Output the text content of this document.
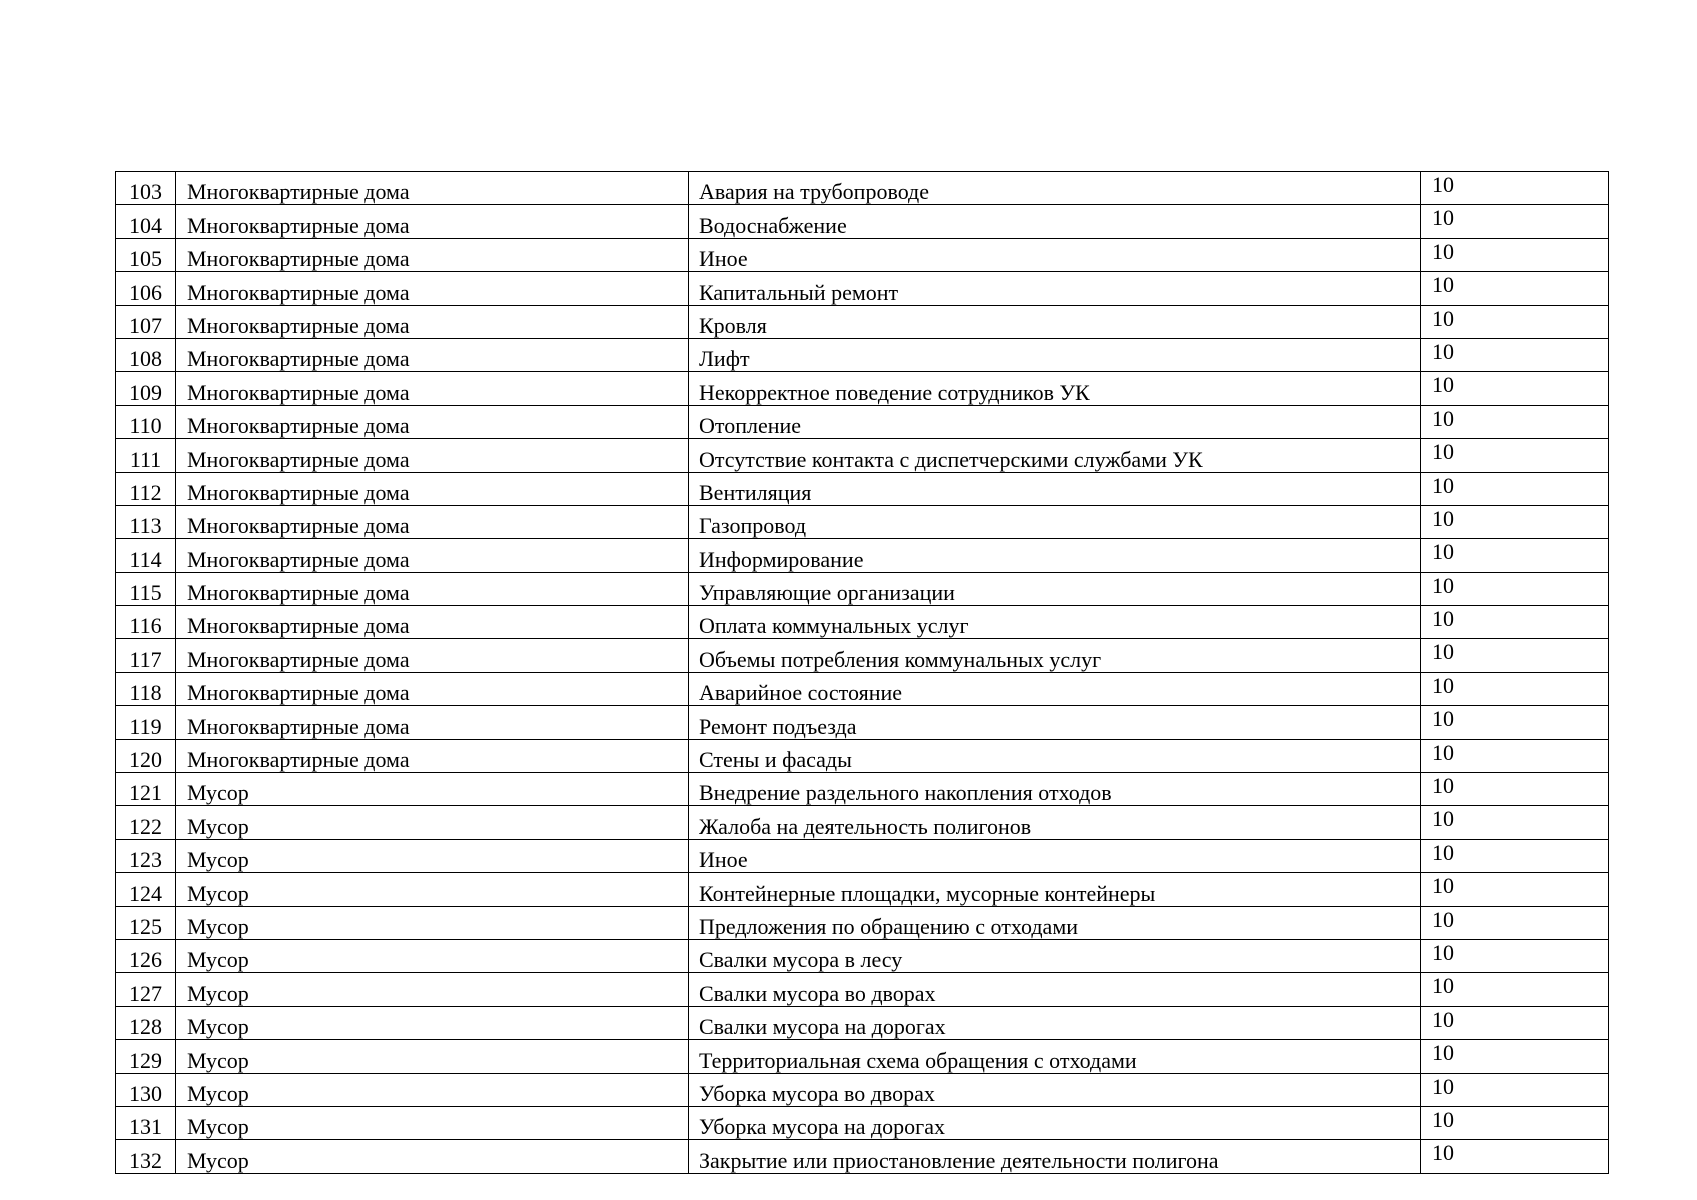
103	Многоквартирные дома	Авария на трубопроводе	10
104	Многоквартирные дома	Водоснабжение	10
105	Многоквартирные дома	Иное	10
106	Многоквартирные дома	Капитальный ремонт	10
107	Многоквартирные дома	Кровля	10
108	Многоквартирные дома	Лифт	10
109	Многоквартирные дома	Некорректное поведение сотрудников УК	10
110	Многоквартирные дома	Отопление	10
111	Многоквартирные дома	Отсутствие контакта с диспетчерскими службами УК	10
112	Многоквартирные дома	Вентиляция	10
113	Многоквартирные дома	Газопровод	10
114	Многоквартирные дома	Информирование	10
115	Многоквартирные дома	Управляющие организации	10
116	Многоквартирные дома	Оплата коммунальных услуг	10
117	Многоквартирные дома	Объемы потребления коммунальных услуг	10
118	Многоквартирные дома	Аварийное состояние	10
119	Многоквартирные дома	Ремонт подъезда	10
120	Многоквартирные дома	Стены и фасады	10
121	Мусор	Внедрение раздельного накопления отходов	10
122	Мусор	Жалоба на деятельность полигонов	10
123	Мусор	Иное	10
124	Мусор	Контейнерные площадки, мусорные контейнеры	10
125	Мусор	Предложения по обращению с отходами	10
126	Мусор	Свалки мусора в лесу	10
127	Мусор	Свалки мусора во дворах	10
128	Мусор	Свалки мусора на дорогах	10
129	Мусор	Территориальная схема обращения с отходами	10
130	Мусор	Уборка мусора во дворах	10
131	Мусор	Уборка мусора на дорогах	10
132	Мусор	Закрытие или приостановление деятельности полигона	10
